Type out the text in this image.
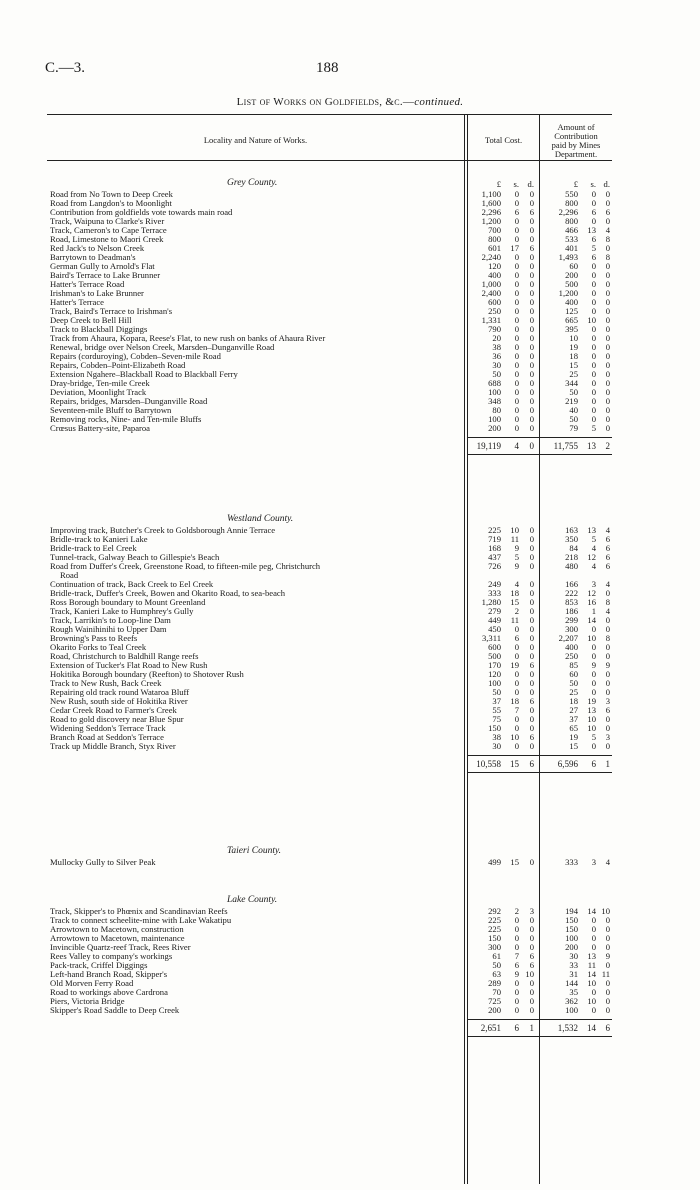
C.—3.	188
List of Works on Goldfields, &c.—continued.
Locality and Nature of Works.	Total Cost.
Amount of
Contribution
paid by Mines
Department.
Grey County.	£	s. d.	£	s. d.
Road from No Town to Deep Creek	1,100	0	0	550	0	0
Road from Langdon's to Moonlight	1,600	0	0	800	0	0
Contribution from goldfields vote towards main road	2,296	6	6	2,296	6	6
Track, Waipuna to Clarke's River	1,200	0	0	800	0	0
Track, Cameron's to Cape Terrace	700	0	0	466	13	4
Road, Limestone to Maori Creek	800	0	0	533	6	8
Red Jack's to Nelson Creek	601	17	6	401	5	0
Barrytown to Deadman's	2,240	0	0	1,493	6	8
German Gully to Arnold's Flat	120	0	0	60	0	0
Baird's Terrace to Lake Brunner	400	0	0	200	0	0
Hatter's Terrace Road	1,000	0	0	500	0	0
Irishman's to Lake Brunner	2,400	0	0	1,200	0	0
Hatter's Terrace	600	0	0	400	0	0
Track, Baird's Terrace to Irishman's	250	0	0	125	0	0
Deep Creek to Bell Hill	1,331	0	0	665	10	0
Track to Blackball Diggings	790	0	0	395	0	0
Track from Ahaura, Kopara, Reese's Flat, to new rush on banks of Ahaura River	20	0	0	10	0	0
Renewal, bridge over Nelson Creek, Marsden–Dunganville Road	38	0	0	19	0	0
Repairs (corduroying), Cobden–Seven-mile Road	36	0	0	18	0	0
Repairs, Cobden–Point-Elizabeth Road	30	0	0	15	0	0
Extension Ngahere–Blackball Road to Blackball Ferry	50	0	0	25	0	0
Dray-bridge, Ten-mile Creek	688	0	0	344	0	0
Deviation, Moonlight Track	100	0	0	50	0	0
Repairs, bridges, Marsden–Dunganville Road	348	0	0	219	0	0
Seventeen-mile Bluff to Barrytown	80	0	0	40	0	0
Removing rocks, Nine- and Ten-mile Bluffs	100	0	0	50	0	0
Crœsus Battery-site, Paparoa	200	0	0	79	5	0
19,119	4	0	11,755	13	2
Westland County.
Improving track, Butcher's Creek to Goldsborough Annie Terrace	225	10	0	163	13	4
Bridle-track to Kanieri Lake	719	11	0	350	5	6
Bridle-track to Eel Creek	168	9	0	84	4	6
Tunnel-track, Galway Beach to Gillespie's Beach	437	5	0	218	12	6
Road from Duffer's Creek, Greenstone Road, to fifteen-mile peg, Christchurch	726	9	0	480	4	6
Road
Continuation of track, Back Creek to Eel Creek	249	4	0	166	3	4
Bridle-track, Duffer's Creek, Bowen and Okarito Road, to sea-beach	333	18	0	222	12	0
Ross Borough boundary to Mount Greenland	1,280	15	0	853	16	8
Track, Kanieri Lake to Humphrey's Gully	279	2	0	186	1	4
Track, Larrikin's to Loop-line Dam	449	11	0	299	14	0
Rough Wainihinihi to Upper Dam	450	0	0	300	0	0
Browning's Pass to Reefs	3,311	6	0	2,207	10	8
Okarito Forks to Teal Creek	600	0	0	400	0	0
Road, Christchurch to Baldhill Range reefs	500	0	0	250	0	0
Extension of Tucker's Flat Road to New Rush	170	19	6	85	9	9
Hokitika Borough boundary (Reefton) to Shotover Rush	120	0	0	60	0	0
Track to New Rush, Back Creek	100	0	0	50	0	0
Repairing old track round Wataroa Bluff	50	0	0	25	0	0
New Rush, south side of Hokitika River	37	18	6	18	19	3
Cedar Creek Road to Farmer's Creek	55	7	0	27	13	6
Road to gold discovery near Blue Spur	75	0	0	37	10	0
Widening Seddon's Terrace Track	150	0	0	65	10	0
Branch Road at Seddon's Terrace	38	10	6	19	5	3
Track up Middle Branch, Styx River	30	0	0	15	0	0
10,558	15	6	6,596	6	1
Taieri County.
Mullocky Gully to Silver Peak	499	15	0	333	3	4
Lake County.
Track, Skipper's to Phœnix and Scandinavian Reefs	292	2	3	194	14 10
Track to connect scheelite-mine with Lake Wakatipu	225	0	0	150	0	0
Arrowtown to Macetown, construction	225	0	0	150	0	0
Arrowtown to Macetown, maintenance	150	0	0	100	0	0
Invincible Quartz-reef Track, Rees River	300	0	0	200	0	0
Rees Valley to company's workings	61	7	6	30	13	9
Pack-track, Criffel Diggings	50	6	6	33	11	0
Left-hand Branch Road, Skipper's	63	9 10	31	14 11
Old Morven Ferry Road	289	0	0	144	10	0
Road to workings above Cardrona	70	0	0	35	0	0
Piers, Victoria Bridge	725	0	0	362	10	0
Skipper's Road Saddle to Deep Creek	200	0	0	100	0	0
2,651	6	1	1,532	14	6
